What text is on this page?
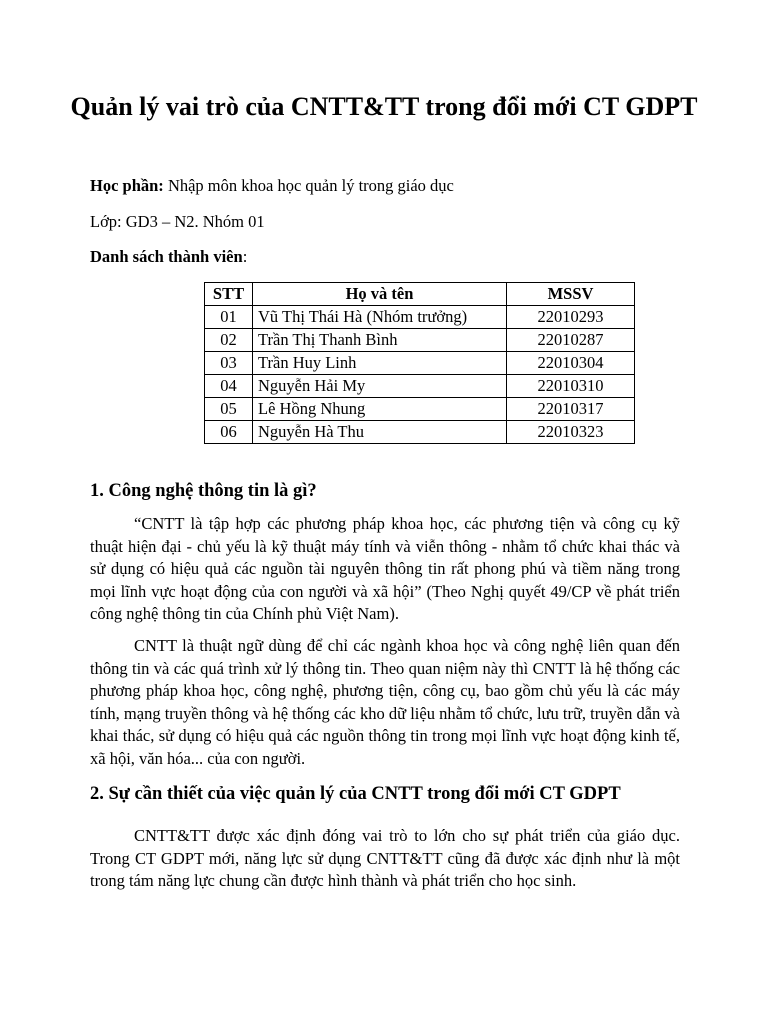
Quản lý vai trò của CNTT&TT trong đổi mới CT GDPT
Học phần: Nhập môn khoa học quản lý trong giáo dục
Lớp: GD3 – N2. Nhóm 01
Danh sách thành viên:
STT	Họ và tên	MSSV
01	Vũ Thị Thái Hà (Nhóm trưởng)	22010293
02	Trần Thị Thanh Bình	22010287
03	Trần Huy Linh	22010304
04	Nguyễn Hải My	22010310
05	Lê Hồng Nhung	22010317
06	Nguyễn Hà Thu	22010323
1. Công nghệ thông tin là gì?
“CNTT là tập hợp các phương pháp khoa học, các phương tiện và công cụ kỹ thuật hiện đại - chủ yếu là kỹ thuật máy tính và viễn thông - nhằm tổ chức khai thác và sử dụng có hiệu quả các nguồn tài nguyên thông tin rất phong phú và tiềm năng trong mọi lĩnh vực hoạt động của con người và xã hội” (Theo Nghị quyết 49/CP về phát triển công nghệ thông tin của Chính phủ Việt Nam).
CNTT là thuật ngữ dùng để chỉ các ngành khoa học và công nghệ liên quan đến thông tin và các quá trình xử lý thông tin. Theo quan niệm này thì CNTT là hệ thống các phương pháp khoa học, công nghệ, phương tiện, công cụ, bao gồm chủ yếu là các máy tính, mạng truyền thông và hệ thống các kho dữ liệu nhằm tổ chức, lưu trữ, truyền dẫn và khai thác, sử dụng có hiệu quả các nguồn thông tin trong mọi lĩnh vực hoạt động kinh tế, xã hội, văn hóa... của con người.
2. Sự cần thiết của việc quản lý của CNTT trong đổi mới CT GDPT
CNTT&TT được xác định đóng vai trò to lớn cho sự phát triển của giáo dục. Trong CT GDPT mới, năng lực sử dụng CNTT&TT cũng đã được xác định như là một trong tám năng lực chung cần được hình thành và phát triển cho học sinh.
